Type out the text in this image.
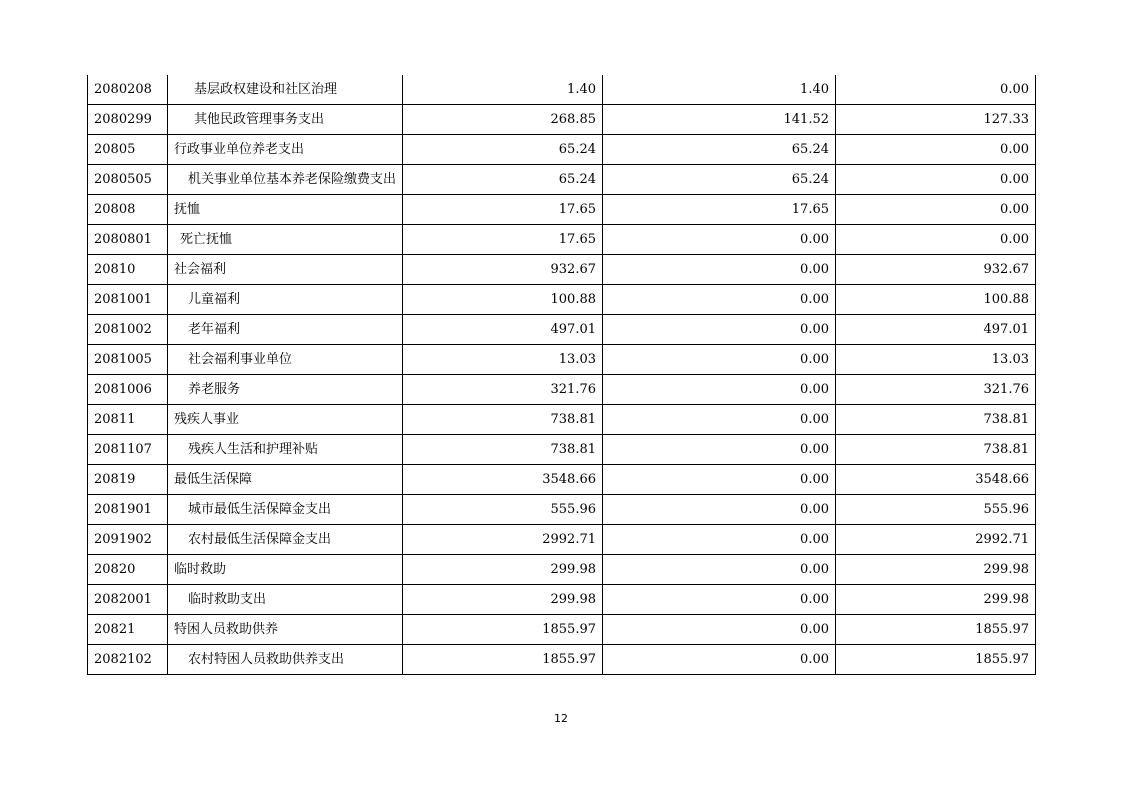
2080208	基层政权建设和社区治理	1.40	1.40	0.00
2080299	其他民政管理事务支出	268.85	141.52	127.33
20805	行政事业单位养老支出	65.24	65.24	0.00
2080505	机关事业单位基本养老保险缴费支出	65.24	65.24	0.00
20808	抚恤	17.65	17.65	0.00
2080801	死亡抚恤	17.65	0.00	0.00
20810	社会福利	932.67	0.00	932.67
2081001	儿童福利	100.88	0.00	100.88
2081002	老年福利	497.01	0.00	497.01
2081005	社会福利事业单位	13.03	0.00	13.03
2081006	养老服务	321.76	0.00	321.76
20811	残疾人事业	738.81	0.00	738.81
2081107	残疾人生活和护理补贴	738.81	0.00	738.81
20819	最低生活保障	3548.66	0.00	3548.66
2081901	城市最低生活保障金支出	555.96	0.00	555.96
2091902	农村最低生活保障金支出	2992.71	0.00	2992.71
20820	临时救助	299.98	0.00	299.98
2082001	临时救助支出	299.98	0.00	299.98
20821	特困人员救助供养	1855.97	0.00	1855.97
2082102	农村特困人员救助供养支出	1855.97	0.00	1855.97
12
